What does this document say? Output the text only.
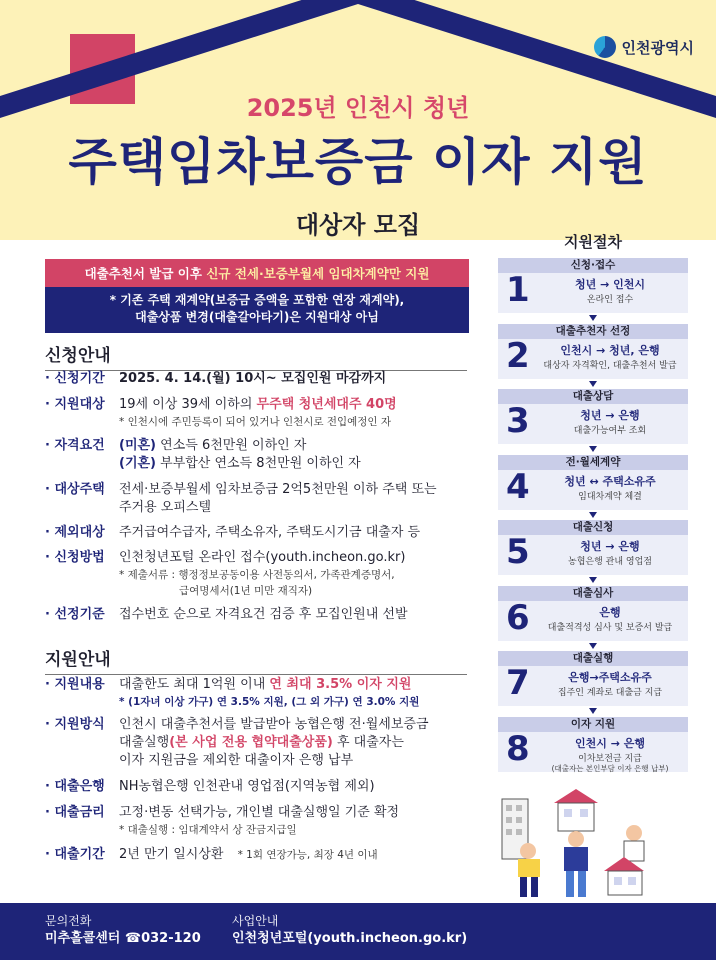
인천광역시
2025년 인천시 청년
주택임차보증금 이자 지원
대상자 모집
대출추천서 발급 이후 신규 전세·보증부월세 임대차계약만 지원
* 기존 주택 재계약(보증금 증액을 포함한 연장 재계약),
대출상품 변경(대출갈아타기)은 지원대상 아님
신청안내
· 신청기간	2025. 4. 14.(월) 10시~ 모집인원 마감까지
· 지원대상	19세 이상 39세 이하의 무주택 청년세대주 40명
* 인천시에 주민등록이 되어 있거나 인천시로 전입예정인 자
· 자격요건	(미혼) 연소득 6천만원 이하인 자
(기혼) 부부합산 연소득 8천만원 이하인 자
· 대상주택	전세·보증부월세 임차보증금 2억5천만원 이하 주택 또는
주거용 오피스텔
· 제외대상	주거급여수급자, 주택소유자, 주택도시기금 대출자 등
· 신청방법	인천청년포털 온라인 접수(youth.incheon.go.kr)
* 제출서류 : 행정정보공동이용 사전동의서, 가족관계증명서,
급여명세서(1년 미만 재직자)
· 선정기준	접수번호 순으로 자격요건 검증 후 모집인원내 선발
지원안내
· 지원내용	대출한도 최대 1억원 이내 연 최대 3.5% 이자 지원
* (1자녀 이상 가구) 연 3.5% 지원, (그 외 가구) 연 3.0% 지원
· 지원방식	인천시 대출추천서를 발급받아 농협은행 전·월세보증금
대출실행(본 사업 전용 협약대출상품) 후 대출자는
이자 지원금을 제외한 대출이자 은행 납부
· 대출은행	NH농협은행 인천관내 영업점(지역농협 제외)
· 대출금리	고정·변동 선택가능, 개인별 대출실행일 기준 확정
* 대출실행 : 임대계약서 상 잔금지급일
· 대출기간	2년 만기 일시상환 * 1회 연장가능, 최장 4년 이내
지원절차
신청·접수
1	청년 → 인천시
온라인 접수
대출추천자 선정
2	인천시 → 청년, 은행
대상자 자격확인, 대출추천서 발급
대출상담
3	청년 → 은행
대출가능여부 조회
전·월세계약
4	청년 ↔ 주택소유주
임대차계약 체결
대출신청
5	청년 → 은행
농협은행 관내 영업점
대출심사
6	은행
대출적격성 심사 및 보증서 발급
대출실행
7	은행→주택소유주
집주인 계좌로 대출금 지급
이자 지원
8	인천시 → 은행
이차보전금 지급
(대출자는 본인부담 이자 은행 납부)
문의전화
미추홀콜센터 ☎032-120
사업안내
인천청년포털(youth.incheon.go.kr)
